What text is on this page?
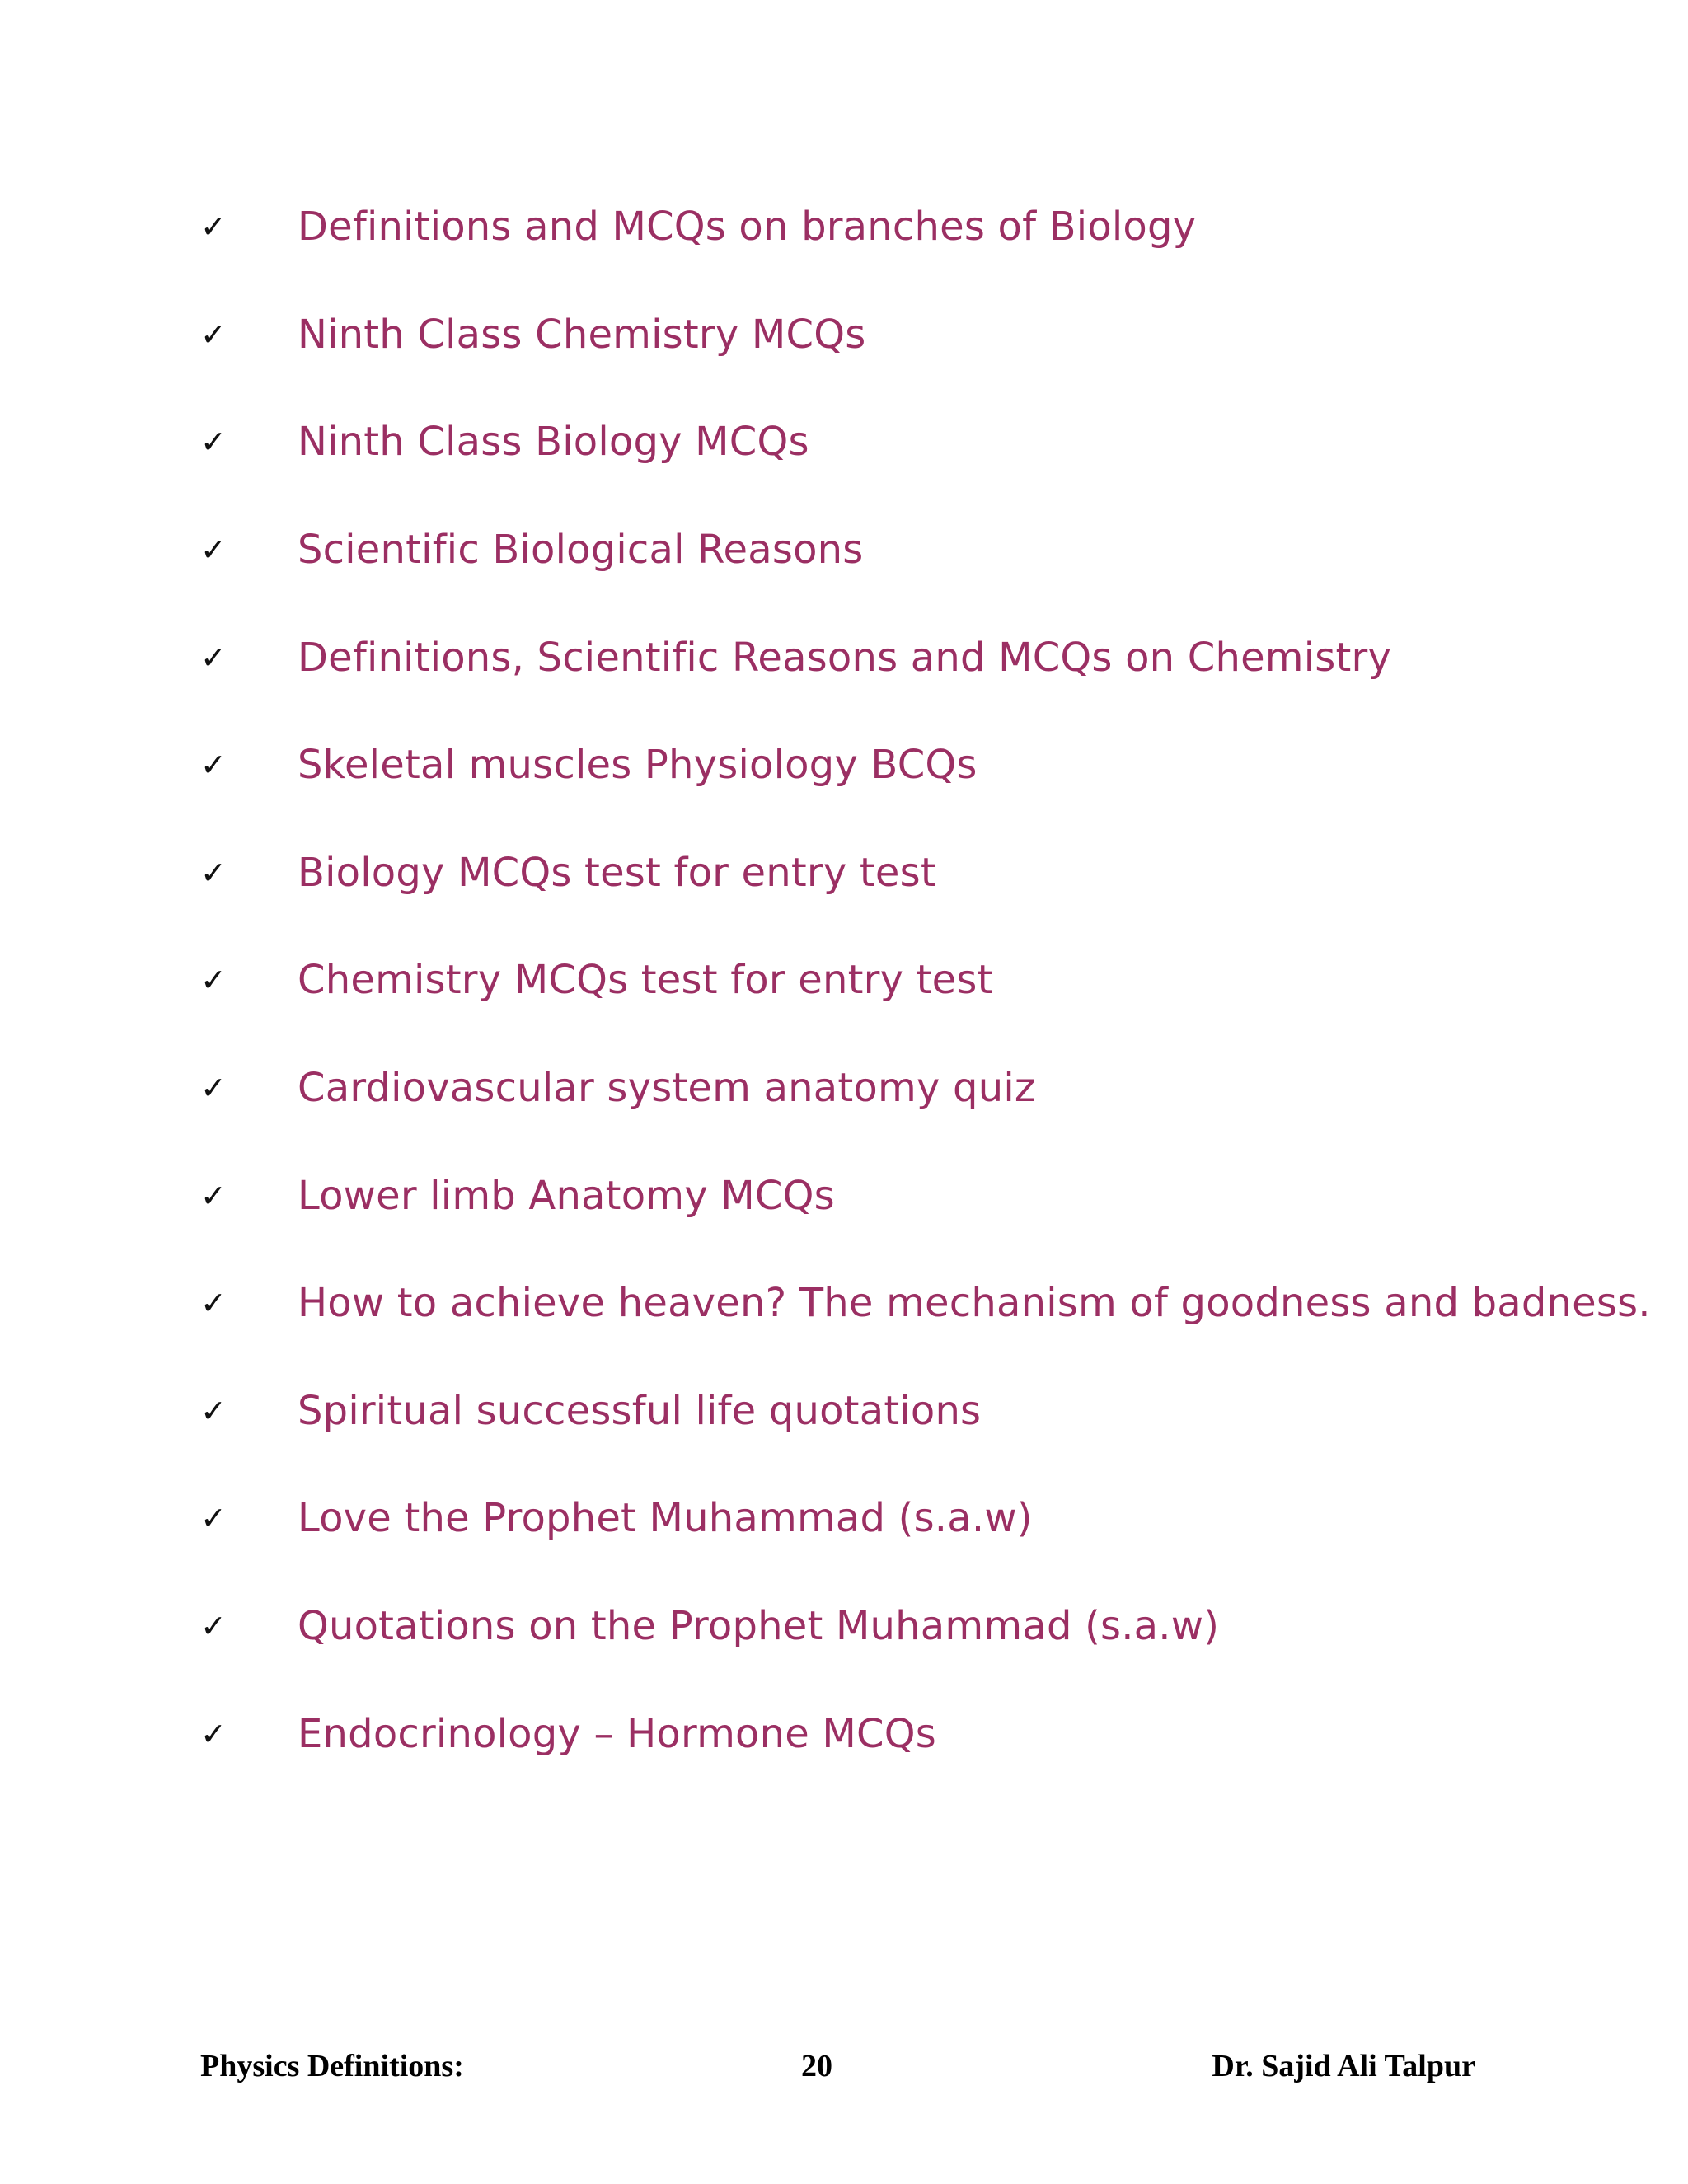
✓	Definitions and MCQs on branches of Biology
✓	Ninth Class Chemistry MCQs
✓	Ninth Class Biology MCQs
✓	Scientific Biological Reasons
✓	Definitions, Scientific Reasons and MCQs on Chemistry
✓	Skeletal muscles Physiology BCQs
✓	Biology MCQs test for entry test
✓	Chemistry MCQs test for entry test
✓	Cardiovascular system anatomy quiz
✓	Lower limb Anatomy MCQs
✓	How to achieve heaven? The mechanism of goodness and badness.
✓	Spiritual successful life quotations
✓	Love the Prophet Muhammad (s.a.w)
✓	Quotations on the Prophet Muhammad (s.a.w)
✓	Endocrinology – Hormone MCQs
Physics Definitions:	20	Dr. Sajid Ali Talpur
